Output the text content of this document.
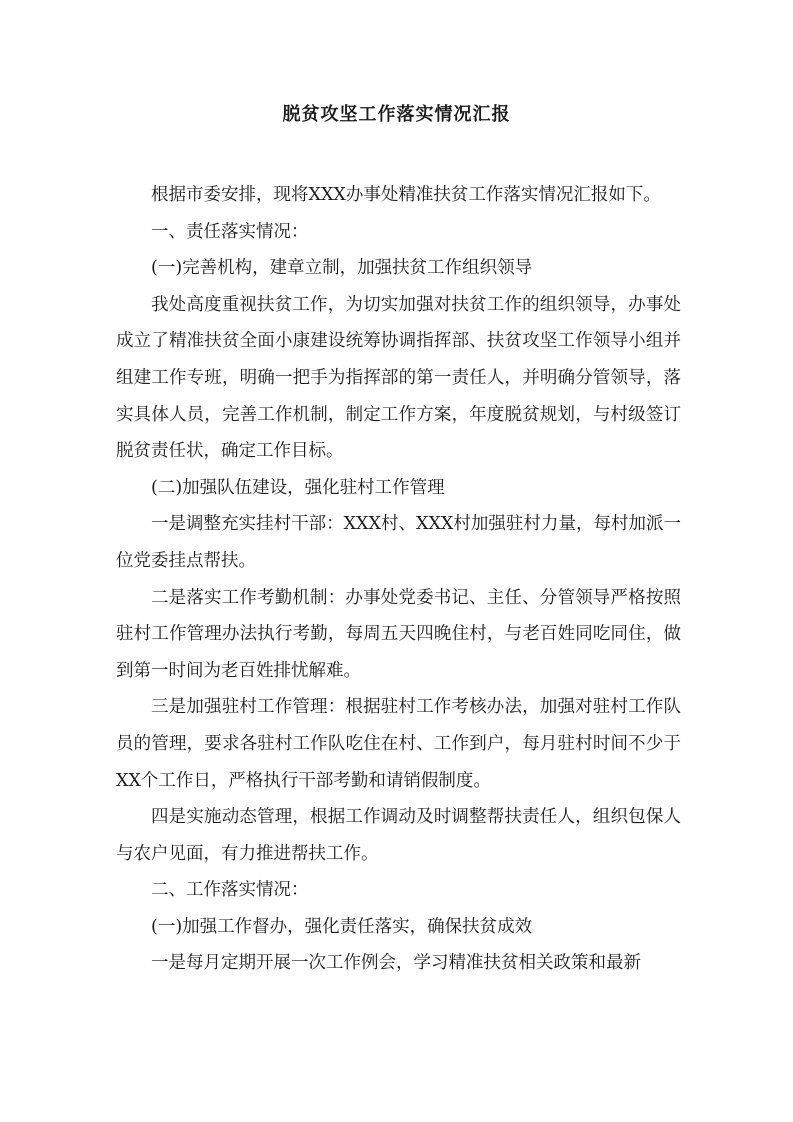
脱贫攻坚工作落实情况汇报

根据市委安排，现将XXX办事处精准扶贫工作落实情况汇报如下。

一、责任落实情况：

(一)完善机构，建章立制，加强扶贫工作组织领导

我处高度重视扶贫工作，为切实加强对扶贫工作的组织领导，办事处成立了精准扶贫全面小康建设统筹协调指挥部、扶贫攻坚工作领导小组并组建工作专班，明确一把手为指挥部的第一责任人，并明确分管领导，落实具体人员，完善工作机制，制定工作方案，年度脱贫规划，与村级签订脱贫责任状，确定工作目标。

(二)加强队伍建设，强化驻村工作管理

一是调整充实挂村干部：XXX村、XXX村加强驻村力量，每村加派一位党委挂点帮扶。

二是落实工作考勤机制：办事处党委书记、主任、分管领导严格按照驻村工作管理办法执行考勤，每周五天四晚住村，与老百姓同吃同住，做到第一时间为老百姓排忧解难。

三是加强驻村工作管理：根据驻村工作考核办法，加强对驻村工作队员的管理，要求各驻村工作队吃住在村、工作到户，每月驻村时间不少于XX个工作日，严格执行干部考勤和请销假制度。

四是实施动态管理，根据工作调动及时调整帮扶责任人，组织包保人与农户见面，有力推进帮扶工作。

二、工作落实情况：

(一)加强工作督办，强化责任落实，确保扶贫成效

一是每月定期开展一次工作例会，学习精准扶贫相关政策和最新
